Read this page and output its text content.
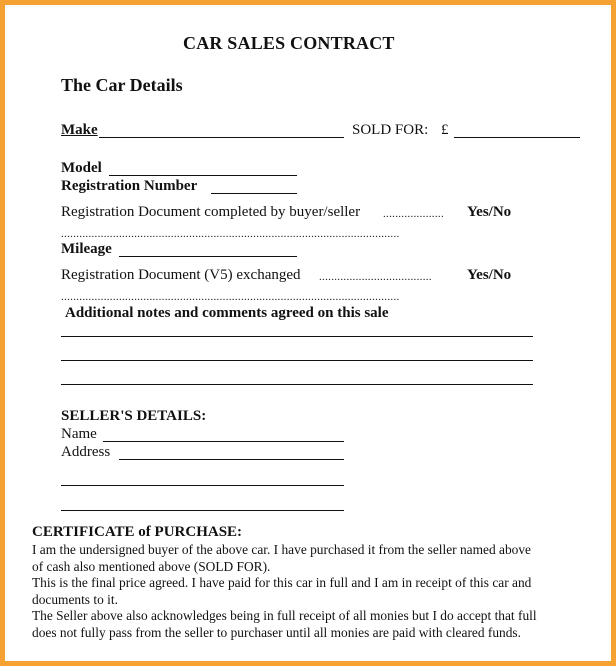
CAR SALES CONTRACT
The Car Details
Make	SOLD FOR: £
Model
Registration Number
Registration Document completed by buyer/seller .................... Yes/No
...............................................................................................................
Mileage
Registration Document (V5) exchanged ..................................... Yes/No
...............................................................................................................
Additional notes and comments agreed on this sale
SELLER'S DETAILS:
Name
Address
CERTIFICATE of PURCHASE:
I am the undersigned buyer of the above car. I have purchased it from the seller named above
of cash also mentioned above (SOLD FOR).
This is the final price agreed. I have paid for this car in full and I am in receipt of this car and
documents to it.
The Seller above also acknowledges being in full receipt of all monies but I do accept that full
does not fully pass from the seller to purchaser until all monies are paid with cleared funds.
